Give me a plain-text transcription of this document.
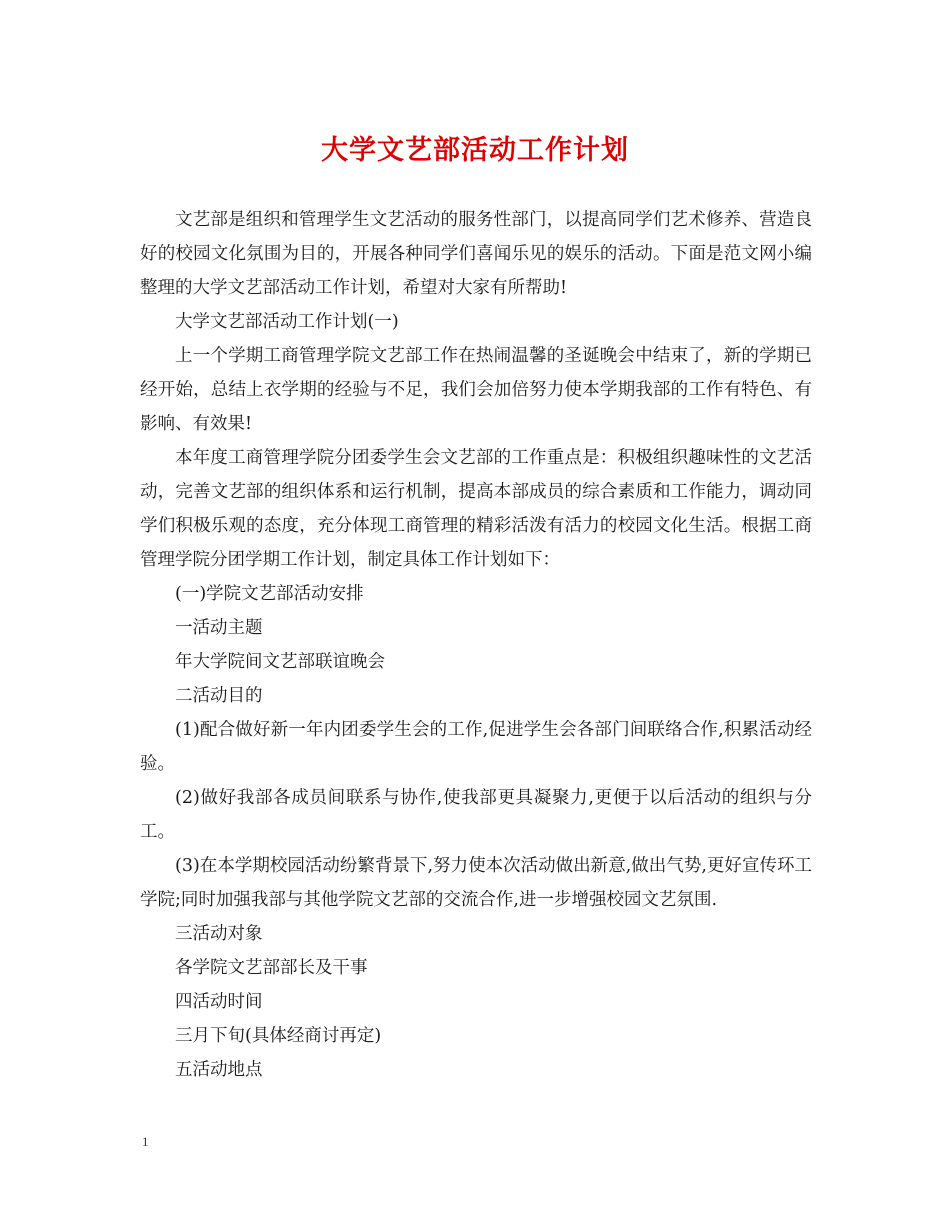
大学文艺部活动工作计划

文艺部是组织和管理学生文艺活动的服务性部门，以提高同学们艺术修养、营造良好的校园文化氛围为目的，开展各种同学们喜闻乐见的娱乐的活动。下面是范文网小编整理的大学文艺部活动工作计划，希望对大家有所帮助!

大学文艺部活动工作计划(一)

上一个学期工商管理学院文艺部工作在热闹温馨的圣诞晚会中结束了，新的学期已经开始，总结上衣学期的经验与不足，我们会加倍努力使本学期我部的工作有特色、有影响、有效果!

本年度工商管理学院分团委学生会文艺部的工作重点是：积极组织趣味性的文艺活动，完善文艺部的组织体系和运行机制，提高本部成员的综合素质和工作能力，调动同学们积极乐观的态度，充分体现工商管理的精彩活泼有活力的校园文化生活。根据工商管理学院分团学期工作计划，制定具体工作计划如下：

(一)学院文艺部活动安排

一活动主题

年大学院间文艺部联谊晚会

二活动目的

(1)配合做好新一年内团委学生会的工作,促进学生会各部门间联络合作,积累活动经验。

(2)做好我部各成员间联系与协作,使我部更具凝聚力,更便于以后活动的组织与分工。

(3)在本学期校园活动纷繁背景下,努力使本次活动做出新意,做出气势,更好宣传环工学院;同时加强我部与其他学院文艺部的交流合作,进一步增强校园文艺氛围.

三活动对象

各学院文艺部部长及干事

四活动时间

三月下旬(具体经商讨再定)

五活动地点

1
